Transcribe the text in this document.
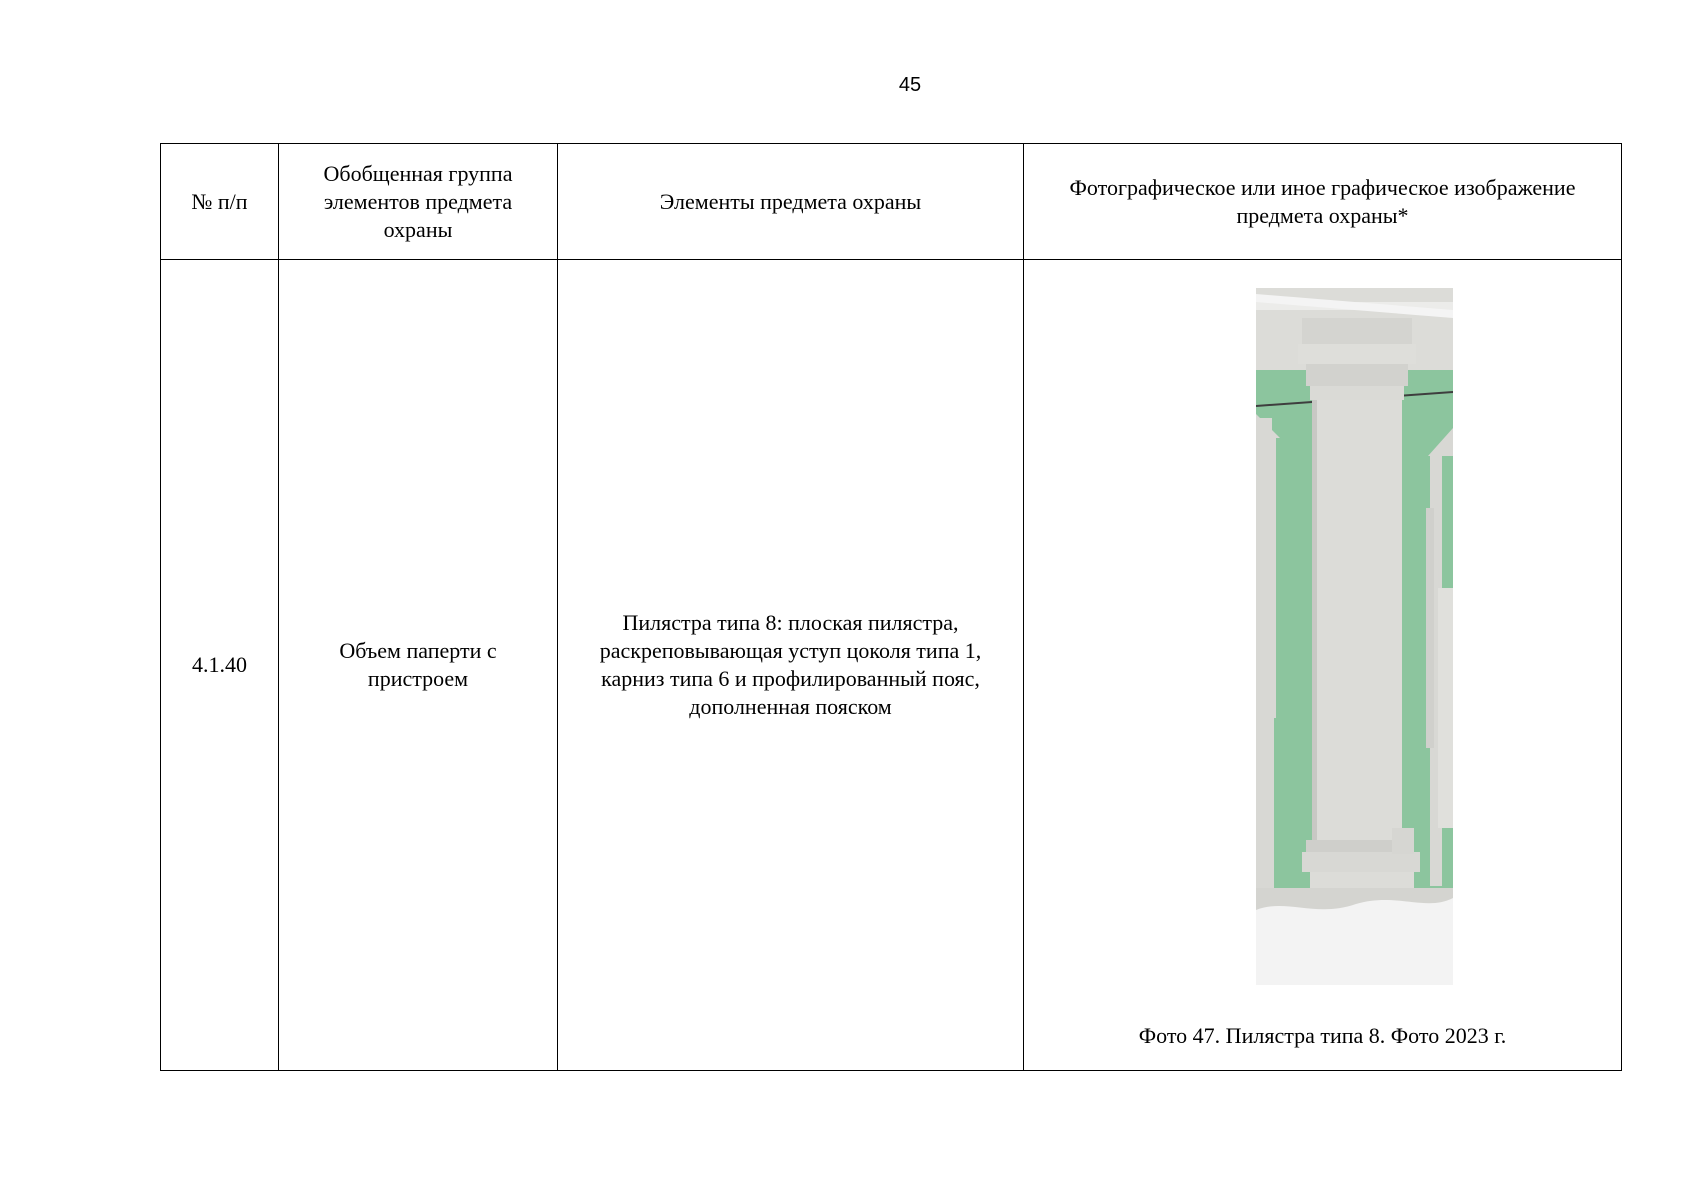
45
№ п/п	Обобщенная группа элементов предмета охраны	Элементы предмета охраны	Фотографическое или иное графическое изображение предмета охраны*
4.1.40	Объем паперти с пристроем	Пилястра типа 8: плоская пилястра, раскреповывающая уступ цоколя типа 1, карниз типа 6 и профилированный пояс, дополненная пояском	Фото 47. Пилястра типа 8. Фото 2023 г.
